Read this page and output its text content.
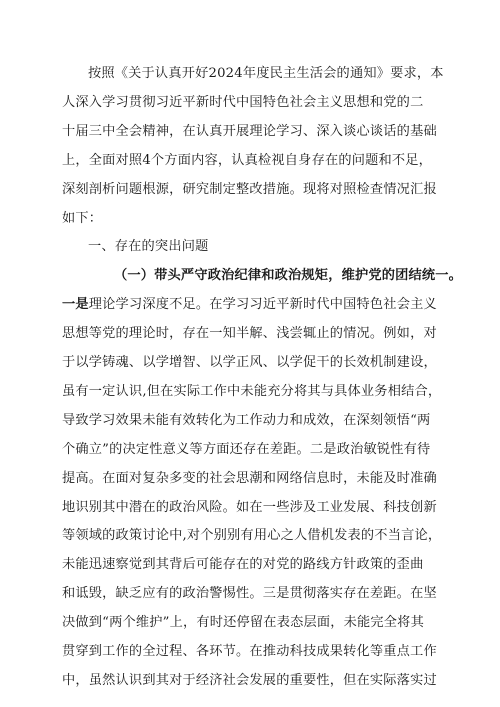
按照《关于认真开好2024年度民主生活会的通知》要求，本
人深入学习贯彻习近平新时代中国特色社会主义思想和党的二
十届三中全会精神，在认真开展理论学习、深入谈心谈话的基础
上，全面对照4个方面内容，认真检视自身存在的问题和不足，
深刻剖析问题根源，研究制定整改措施。现将对照检查情况汇报
如下：
一、存在的突出问题
（一）带头严守政治纪律和政治规矩，维护党的团结统一。
一是理论学习深度不足。在学习习近平新时代中国特色社会主义
思想等党的理论时，存在一知半解、浅尝辄止的情况。例如，对
于以学铸魂、以学增智、以学正风、以学促干的长效机制建设，
虽有一定认识,但在实际工作中未能充分将其与具体业务相结合，
导致学习效果未能有效转化为工作动力和成效，在深刻领悟“两
个确立”的决定性意义等方面还存在差距。二是政治敏锐性有待
提高。在面对复杂多变的社会思潮和网络信息时，未能及时准确
地识别其中潜在的政治风险。如在一些涉及工业发展、科技创新
等领域的政策讨论中,对个别别有用心之人借机发表的不当言论，
未能迅速察觉到其背后可能存在的对党的路线方针政策的歪曲
和诋毁，缺乏应有的政治警惕性。三是贯彻落实存在差距。在坚
决做到“两个维护”上，有时还停留在表态层面，未能完全将其
贯穿到工作的全过程、各环节。在推动科技成果转化等重点工作
中，虽然认识到其对于经济社会发展的重要性，但在实际落实过
